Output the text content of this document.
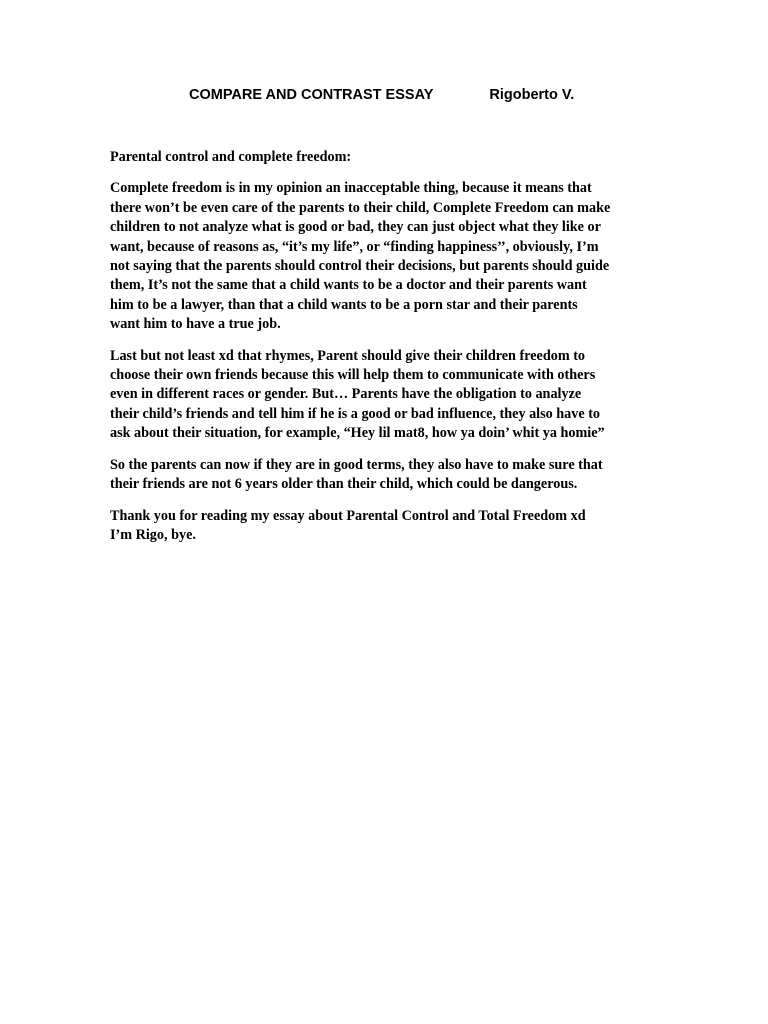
COMPARE AND CONTRAST ESSAY	Rigoberto V.

Parental control and complete freedom:

Complete freedom is in my opinion an inacceptable thing, because it means that
there won’t be even care of the parents to their child, Complete Freedom can make
children to not analyze what is good or bad, they can just object what they like or
want, because of reasons as, “it’s my life”, or “finding happiness’’, obviously, I’m
not saying that the parents should control their decisions, but parents should guide
them, It’s not the same that a child wants to be a doctor and their parents want
him to be a lawyer, than that a child wants to be a porn star and their parents
want him to have a true job.

Last but not least xd that rhymes, Parent should give their children freedom to
choose their own friends because this will help them to communicate with others
even in different races or gender. But… Parents have the obligation to analyze
their child’s friends and tell him if he is a good or bad influence, they also have to
ask about their situation, for example, “Hey lil mat8, how ya doin’ whit ya homie”

So the parents can now if they are in good terms, they also have to make sure that
their friends are not 6 years older than their child, which could be dangerous.

Thank you for reading my essay about Parental Control and Total Freedom xd
I’m Rigo, bye.
